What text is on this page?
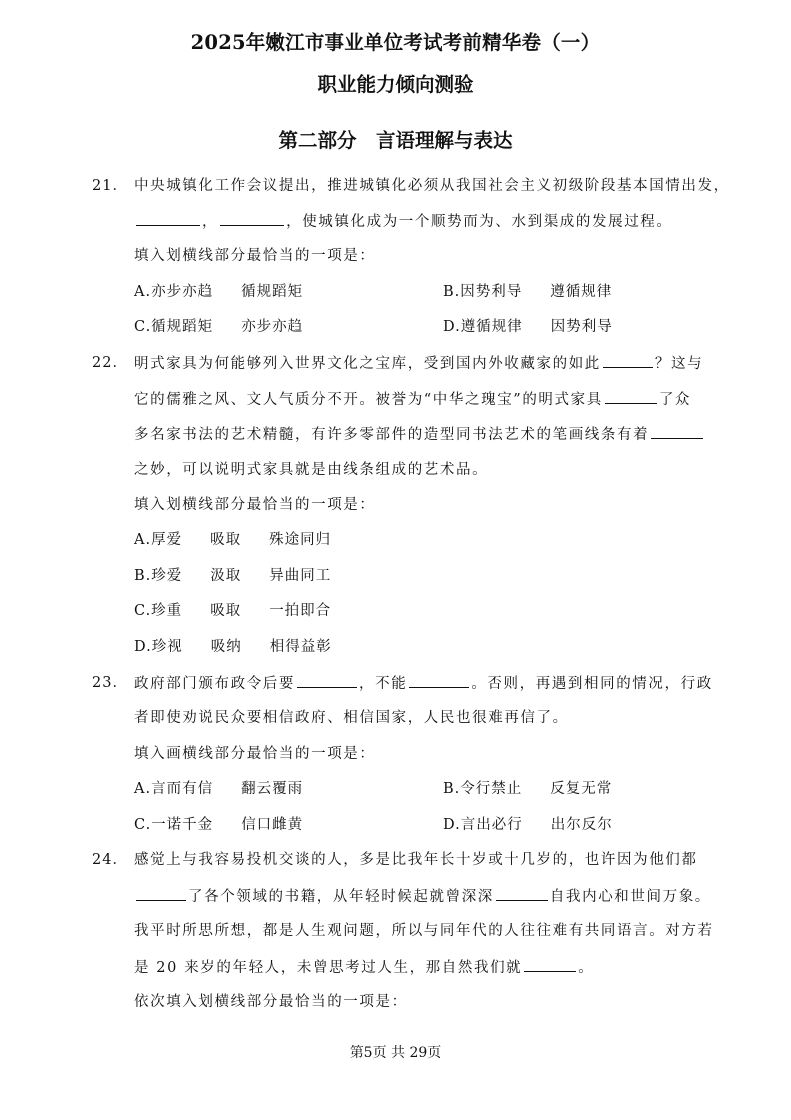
2025年嫩江市事业单位考试考前精华卷（一）
职业能力倾向测验
第二部分　言语理解与表达
21． 中央城镇化工作会议提出，推进城镇化必须从我国社会主义初级阶段基本国情出发，
，	，使城镇化成为一个顺势而为、水到渠成的发展过程。
填入划横线部分最恰当的一项是：
A.亦步亦趋 循规蹈矩	B.因势利导 遵循规律
C.循规蹈矩 亦步亦趋	D.遵循规律 因势利导
22． 明式家具为何能够列入世界文化之宝库，受到国内外收藏家的如此	？这与
它的儒雅之风、文人气质分不开。被誉为“中华之瑰宝”的明式家具	了众
多名家书法的艺术精髓，有许多零部件的造型同书法艺术的笔画线条有着
之妙，可以说明式家具就是由线条组成的艺术品。
填入划横线部分最恰当的一项是：
A.厚爱 吸取 殊途同归
B.珍爱 汲取 异曲同工
C.珍重 吸取 一拍即合
D.珍视 吸纳 相得益彰
23． 政府部门颁布政令后要	，不能	。否则，再遇到相同的情况，行政
者即使劝说民众要相信政府、相信国家，人民也很难再信了。
填入画横线部分最恰当的一项是：
A.言而有信 翻云覆雨	B.令行禁止 反复无常
C.一诺千金 信口雌黄	D.言出必行 出尔反尔
24． 感觉上与我容易投机交谈的人，多是比我年长十岁或十几岁的，也许因为他们都
了各个领域的书籍，从年轻时候起就曾深深	自我内心和世间万象。
我平时所思所想，都是人生观问题，所以与同年代的人往往难有共同语言。对方若
是 20 来岁的年轻人，未曾思考过人生，那自然我们就	。
依次填入划横线部分最恰当的一项是：
第5页 共 29页
